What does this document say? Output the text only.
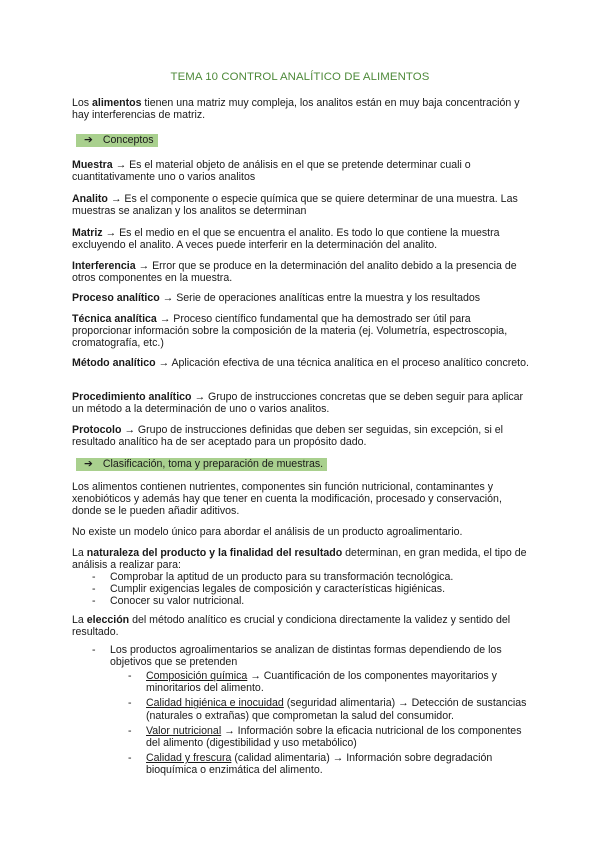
TEMA 10 CONTROL ANALÍTICO DE ALIMENTOS
Los alimentos tienen una matriz muy compleja, los analitos están en muy baja concentración y hay interferencias de matriz.
➔ Conceptos
Muestra → Es el material objeto de análisis en el que se pretende determinar cuali o cuantitativamente uno o varios analitos
Analito → Es el componente o especie química que se quiere determinar de una muestra. Las muestras se analizan y los analitos se determinan
Matriz → Es el medio en el que se encuentra el analito. Es todo lo que contiene la muestra excluyendo el analito. A veces puede interferir en la determinación del analito.
Interferencia → Error que se produce en la determinación del analito debido a la presencia de otros componentes en la muestra.
Proceso analítico → Serie de operaciones analíticas entre la muestra y los resultados
Técnica analítica → Proceso científico fundamental que ha demostrado ser útil para proporcionar información sobre la composición de la materia (ej. Volumetría, espectroscopia, cromatografía, etc.)
Método analítico → Aplicación efectiva de una técnica analítica en el proceso analítico concreto.
Procedimiento analítico → Grupo de instrucciones concretas que se deben seguir para aplicar un método a la determinación de uno o varios analitos.
Protocolo → Grupo de instrucciones definidas que deben ser seguidas, sin excepción, si el resultado analítico ha de ser aceptado para un propósito dado.
➔ Clasificación, toma y preparación de muestras.
Los alimentos contienen nutrientes, componentes sin función nutricional, contaminantes y xenobióticos y además hay que tener en cuenta la modificación, procesado y conservación, donde se le pueden añadir aditivos.
No existe un modelo único para abordar el análisis de un producto agroalimentario.
La naturaleza del producto y la finalidad del resultado determinan, en gran medida, el tipo de análisis a realizar para:
- Comprobar la aptitud de un producto para su transformación tecnológica.
- Cumplir exigencias legales de composición y características higiénicas.
- Conocer su valor nutricional.
La elección del método analítico es crucial y condiciona directamente la validez y sentido del resultado.
- Los productos agroalimentarios se analizan de distintas formas dependiendo de los objetivos que se pretenden
- Composición química → Cuantificación de los componentes mayoritarios y minoritarios del alimento.
- Calidad higiénica e inocuidad (seguridad alimentaria) → Detección de sustancias (naturales o extrañas) que comprometan la salud del consumidor.
- Valor nutricional → Información sobre la eficacia nutricional de los componentes del alimento (digestibilidad y uso metabólico)
- Calidad y frescura (calidad alimentaria) → Información sobre degradación bioquímica o enzimática del alimento.
